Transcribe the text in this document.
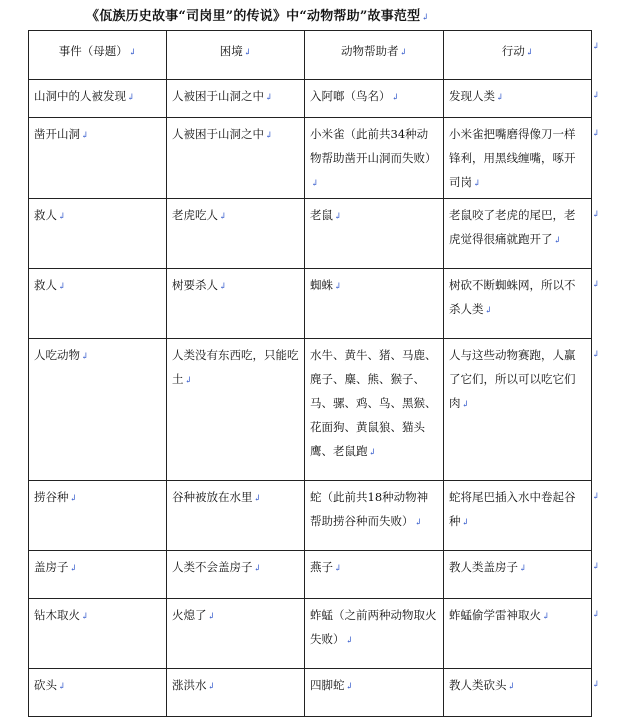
《佤族历史故事“司岗里”的传说》中“动物帮助”故事范型↲
事件（母题）↲	困境↲	动物帮助者↲	行动↲
山洞中的人被发现↲	人被困于山洞之中↲	入阿啷（鸟名）↲	发现人类↲
凿开山洞↲	人被困于山洞之中↲	小米雀（此前共34种动物帮助凿开山洞而失败）↲	小米雀把嘴磨得像刀一样锋利，用黑线缠嘴，啄开司岗↲
救人↲	老虎吃人↲	老鼠↲	老鼠咬了老虎的尾巴，老虎觉得很痛就跑开了↲
救人↲	树要杀人↲	蜘蛛↲	树砍不断蜘蛛网，所以不杀人类↲
人吃动物↲	人类没有东西吃，只能吃土↲	水牛、黄牛、猪、马鹿、麂子、麋、熊、猴子、马、骡、鸡、鸟、黑猴、花面狗、黄鼠狼、猫头鹰、老鼠跑↲	人与这些动物赛跑，人赢了它们，所以可以吃它们肉↲
捞谷种↲	谷种被放在水里↲	蛇（此前共18种动物神帮助捞谷种而失败）↲	蛇将尾巴插入水中卷起谷种↲
盖房子↲	人类不会盖房子↲	燕子↲	教人类盖房子↲
钻木取火↲	火熄了↲	蚱蜢（之前两种动物取火失败）↲	蚱蜢偷学雷神取火↲
砍头↲	涨洪水↲	四脚蛇↲	教人类砍头↲
↲
↲
↲
↲
↲
↲
↲
↲
↲
↲
